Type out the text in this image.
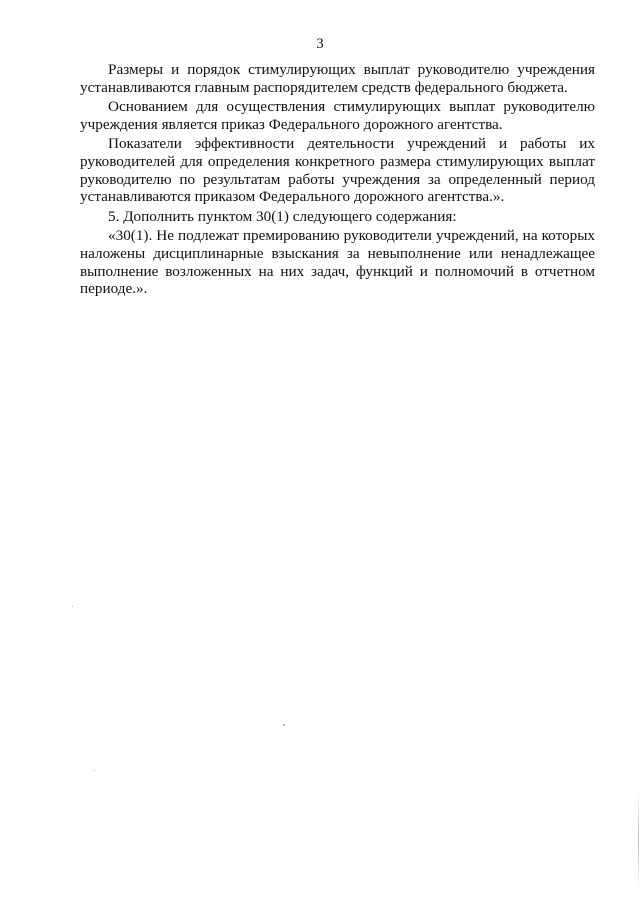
3

Размеры и порядок стимулирующих выплат руководителю учреждения устанавливаются главным распорядителем средств федерального бюджета.

Основанием для осуществления стимулирующих выплат руководителю учреждения является приказ Федерального дорожного агентства.

Показатели эффективности деятельности учреждений и работы их руководителей для определения конкретного размера стимулирующих выплат руководителю по результатам работы учреждения за определенный период устанавливаются приказом Федерального дорожного агентства.».

5. Дополнить пунктом 30(1) следующего содержания:

«30(1). Не подлежат премированию руководители учреждений, на которых наложены дисциплинарные взыскания за невыполнение или ненадлежащее выполнение возложенных на них задач, функций и полномочий в отчетном периоде.».
